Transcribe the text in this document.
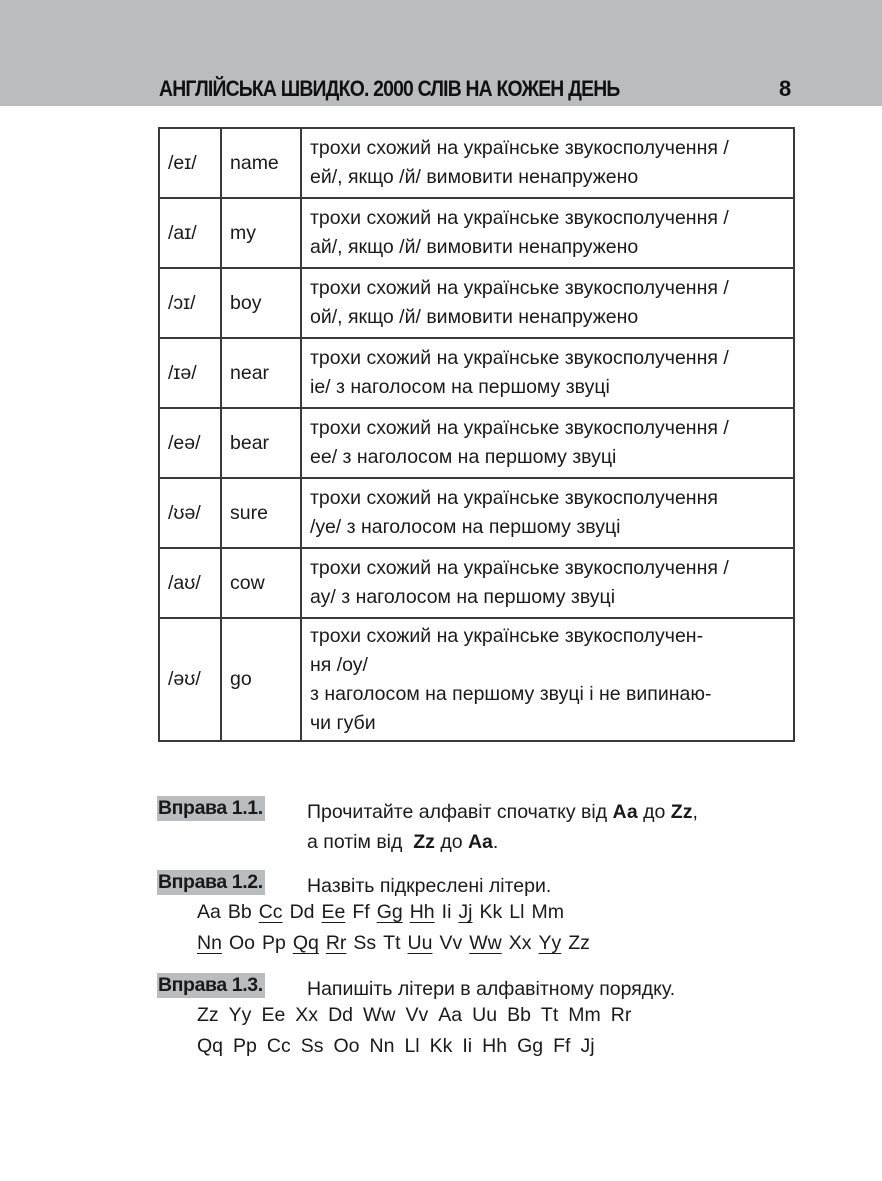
АНГЛІЙСЬКА ШВИДКО. 2000 СЛІВ НА КОЖЕН ДЕНЬ	8
/eɪ/	name	трохи схожий на українське звукосполучення /
ей/, якщо /й/ вимовити ненапружено

/aɪ/	my	трохи схожий на українське звукосполучення /
ай/, якщо /й/ вимовити ненапружено

/ɔɪ/	boy	трохи схожий на українське звукосполучення /
ой/, якщо /й/ вимовити ненапружено

/ɪə/	near	трохи схожий на українське звукосполучення /
іе/ з наголосом на першому звуці

/eə/	bear	трохи схожий на українське звукосполучення /
ее/ з наголосом на першому звуці

/ʊə/	sure	трохи схожий на українське звукосполучення
/уе/ з наголосом на першому звуці

/aʊ/	cow	трохи схожий на українське звукосполучення /
ау/ з наголосом на першому звуці

/əʊ/	go	трохи схожий на українське звукосполучен-
ня /оу/
з наголосом на першому звуці і не випинаю-
чи губи
Вправа 1.1. Прочитайте алфавіт спочатку від Аа до Zz,
а потім від  Zz до Aa.
Вправа 1.2. Назвіть підкреслені літери.
Aa Bb Cc Dd Ee Ff Gg Hh Ii Jj Kk Ll Mm
Nn Oo Pp Qq Rr Ss Tt Uu Vv Ww Xx Yy Zz
Вправа 1.3. Напишіть літери в алфавітному порядку.
Zz Yy Ee Xx Dd Ww Vv Aa Uu Bb Tt Mm Rr
Qq Pp Cc Ss Oo Nn Ll Kk Ii Hh Gg Ff Jj
